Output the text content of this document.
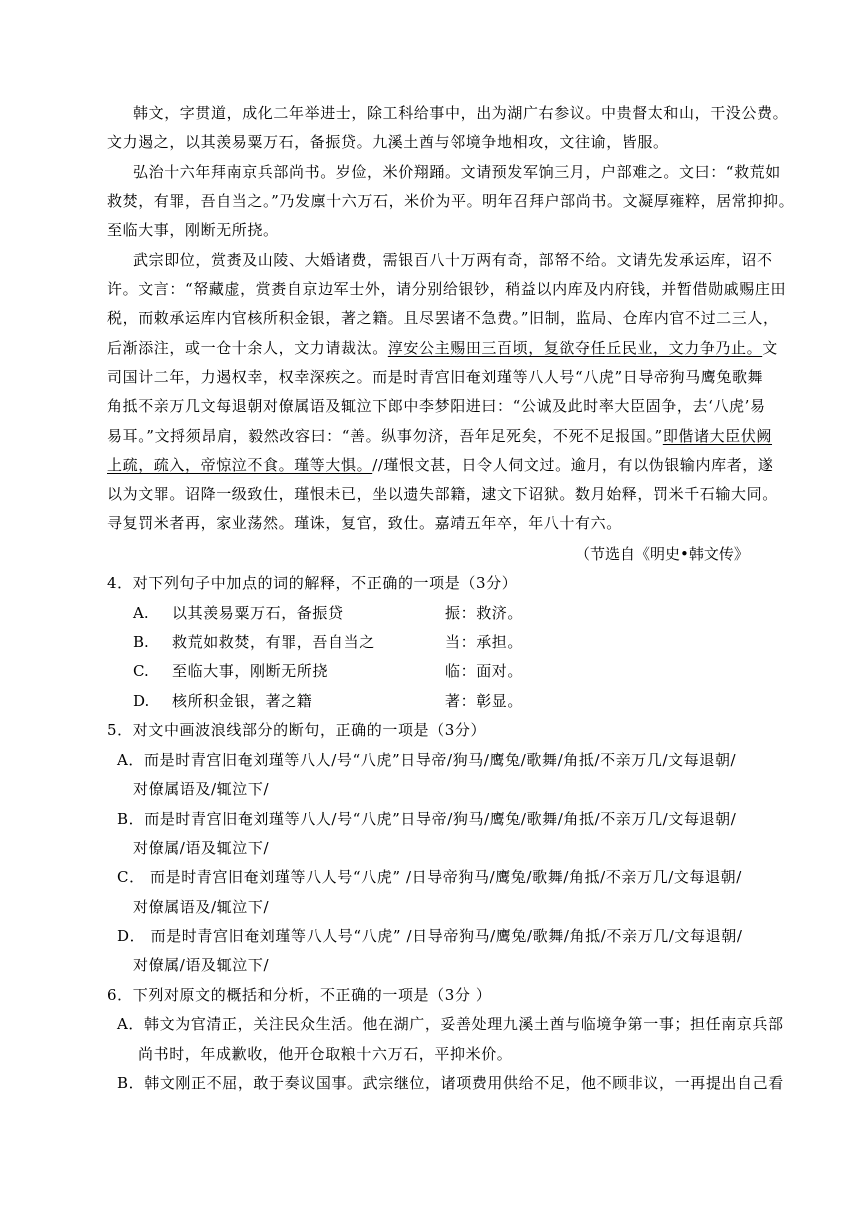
韩文，字贯道，成化二年举进士，除工科给事中，出为湖广右参议。中贵督太和山，干没公费。
文力遏之，以其羡易粟万石，备振贷。九溪土酋与邻境争地相攻，文往谕，皆服。
弘治十六年拜南京兵部尚书。岁俭，米价翔踊。文请预发军饷三月，户部难之。文曰：“救荒如
救焚，有罪，吾自当之。”乃发廪十六万石，米价为平。明年召拜户部尚书。文凝厚雍粹，居常抑抑。
至临大事，刚断无所挠。
武宗即位，赏赉及山陵、大婚诸费，需银百八十万两有奇，部帑不给。文请先发承运库，诏不
许。文言：“帑藏虚，赏赉自京边军士外，请分别给银钞，稍益以内库及内府钱，并暂借勋戚赐庄田
税，而敕承运库内官核所积金银，著之籍。且尽罢诸不急费。”旧制，监局、仓库内官不过二三人，
后渐添注，或一仓十余人，文力请裁汰。淳安公主赐田三百顷，复欲夺任丘民业，文力争乃止。文
司国计二年，力遏权幸，权幸深疾之。而是时青宫旧奄刘瑾等八人号“八虎”日导帝狗马鹰兔歌舞
角抵不亲万几文每退朝对僚属语及辄泣下郎中李梦阳进曰：“公诚及此时率大臣固争，去‘八虎’易
易耳。”文捋须昂肩，毅然改容曰：“善。纵事勿济，吾年足死矣，不死不足报国。”即偕诸大臣伏阙
上疏，疏入，帝惊泣不食。瑾等大惧。//瑾恨文甚，日令人伺文过。逾月，有以伪银输内库者，遂
以为文罪。诏降一级致仕，瑾恨未已，坐以遗失部籍，逮文下诏狱。数月始释，罚米千石输大同。
寻复罚米者再，家业荡然。瑾诛，复官，致仕。嘉靖五年卒，年八十有六。
（节选自《明史•韩文传》
4．对下列句子中加点的词的解释，不正确的一项是（3分）
A. 以其羡易粟万石，备振贷	振：救济。
B. 救荒如救焚，有罪，吾自当之	当：承担。
C. 至临大事，刚断无所挠	临：面对。
D. 核所积金银，著之籍	著：彰显。
5．对文中画波浪线部分的断句，正确的一项是（3分）
A．而是时青宫旧奄刘瑾等八人/号“八虎”日导帝/狗马/鹰兔/歌舞/角抵/不亲万几/文每退朝/
对僚属语及/辄泣下/
B．而是时青宫旧奄刘瑾等八人/号“八虎”日导帝/狗马/鹰兔/歌舞/角抵/不亲万几/文每退朝/
对僚属/语及辄泣下/
C． 而是时青宫旧奄刘瑾等八人号“八虎” /日导帝狗马/鹰兔/歌舞/角抵/不亲万几/文每退朝/
对僚属语及/辄泣下/
D． 而是时青宫旧奄刘瑾等八人号“八虎” /日导帝狗马/鹰兔/歌舞/角抵/不亲万几/文每退朝/
对僚属/语及辄泣下/
6．下列对原文的概括和分析，不正确的一项是（3分 ）
A．韩文为官清正，关注民众生活。他在湖广，妥善处理九溪土酋与临境争第一事；担任南京兵部
尚书时，年成歉收，他开仓取粮十六万石，平抑米价。
B．韩文刚正不屈，敢于奏议国事。武宗继位，诸项费用供给不足，他不顾非议，一再提出自己看
